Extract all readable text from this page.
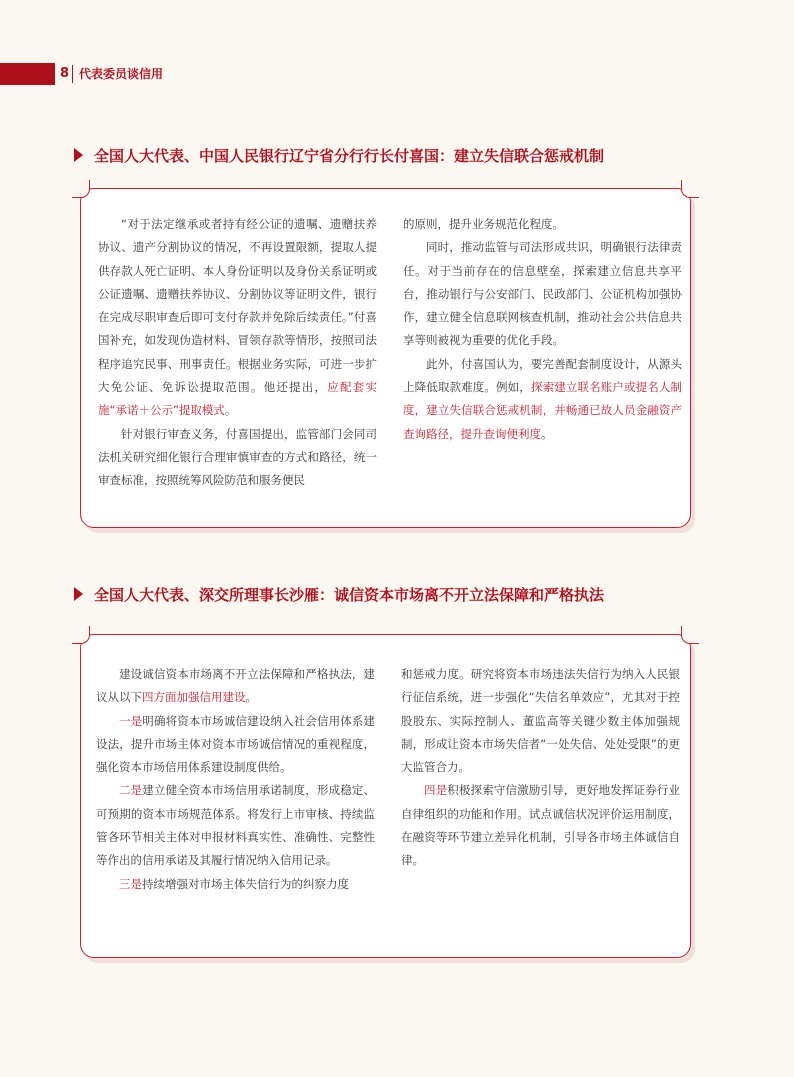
8 代表委员谈信用
全国人大代表、中国人民银行辽宁省分行行长付喜国：建立失信联合惩戒机制

“对于法定继承或者持有经公证的遗嘱、遗赠扶养协议、遗产分割协议的情况，不再设置限额，提取人提供存款人死亡证明、本人身份证明以及身份关系证明或公证遗嘱、遗赠扶养协议、分割协议等证明文件，银行在完成尽职审查后即可支付存款并免除后续责任。”付喜国补充，如发现伪造材料、冒领存款等情形，按照司法程序追究民事、刑事责任。根据业务实际，可进一步扩大免公证、免诉讼提取范围。他还提出，应配套实施“承诺＋公示”提取模式。

针对银行审查义务，付喜国提出，监管部门会同司法机关研究细化银行合理审慎审查的方式和路径，统一审查标准，按照统筹风险防范和服务便民

的原则，提升业务规范化程度。

同时，推动监管与司法形成共识，明确银行法律责任。对于当前存在的信息壁垒，探索建立信息共享平台，推动银行与公安部门、民政部门、公证机构加强协作，建立健全信息联网核查机制，推动社会公共信息共享等则被视为重要的优化手段。

此外，付喜国认为，要完善配套制度设计，从源头上降低取款难度。例如，探索建立联名账户或提名人制度，建立失信联合惩戒机制，并畅通已故人员金融资产查询路径，提升查询便利度。

全国人大代表、深交所理事长沙雁：诚信资本市场离不开立法保障和严格执法

建设诚信资本市场离不开立法保障和严格执法，建议从以下四方面加强信用建设。

一是明确将资本市场诚信建设纳入社会信用体系建设法，提升市场主体对资本市场诚信情况的重视程度，强化资本市场信用体系建设制度供给。

二是建立健全资本市场信用承诺制度，形成稳定、可预期的资本市场规范体系。将发行上市审核、持续监管各环节相关主体对申报材料真实性、准确性、完整性等作出的信用承诺及其履行情况纳入信用记录。

三是持续增强对市场主体失信行为的纠察力度

和惩戒力度。研究将资本市场违法失信行为纳入人民银行征信系统，进一步强化“失信名单效应”，尤其对于控股股东、实际控制人、董监高等关键少数主体加强规制，形成让资本市场失信者“一处失信、处处受限”的更大监管合力。

四是积极探索守信激励引导，更好地发挥证券行业自律组织的功能和作用。试点诚信状况评价运用制度，在融资等环节建立差异化机制，引导各市场主体诚信自律。
